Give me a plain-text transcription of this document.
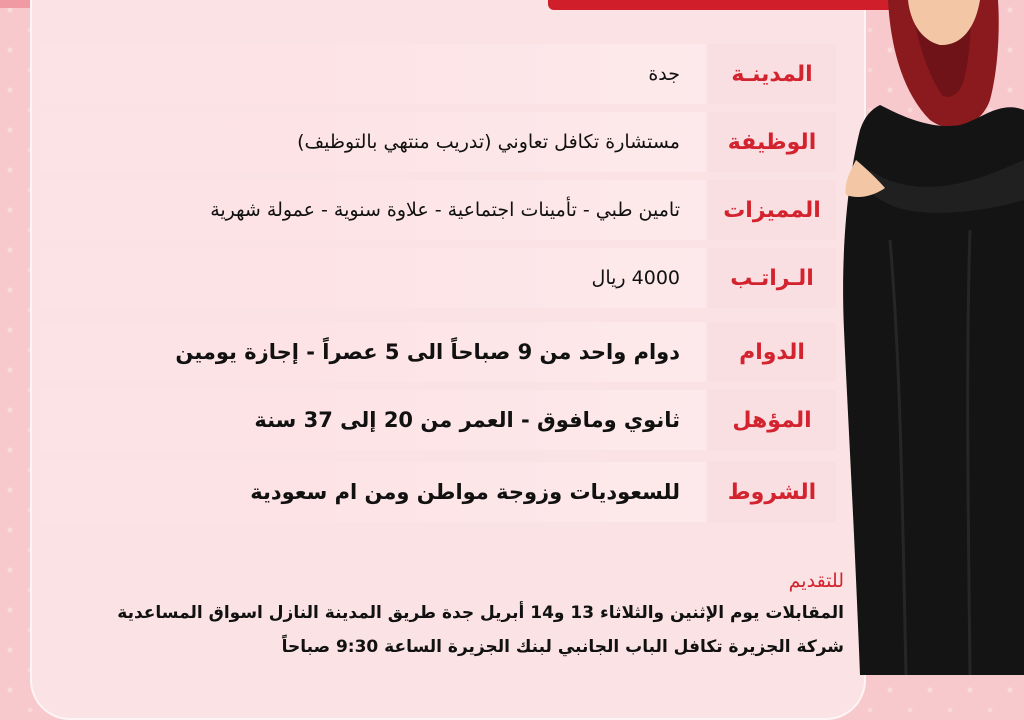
جدة	المدينـة
مستشارة تكافل تعاوني (تدريب منتهي بالتوظيف)	الوظيفة
تامين طبي - تأمينات اجتماعية - علاوة سنوية - عمولة شهرية	المميزات
4000 ريال	الـراتـب
دوام واحد من 9 صباحاً الى 5 عصراً - إجازة يومين	الدوام
ثانوي ومافوق - العمر من 20 إلى 37 سنة	المؤهل
للسعوديات وزوجة مواطن ومن ام سعودية	الشروط
للتقديم
المقابلات يوم الإثنين والثلاثاء 13 و14 أبريل جدة طريق المدينة النازل اسواق المساعدية
شركة الجزيرة تكافل الباب الجانبي لبنك الجزيرة الساعة 9:30 صباحاً
